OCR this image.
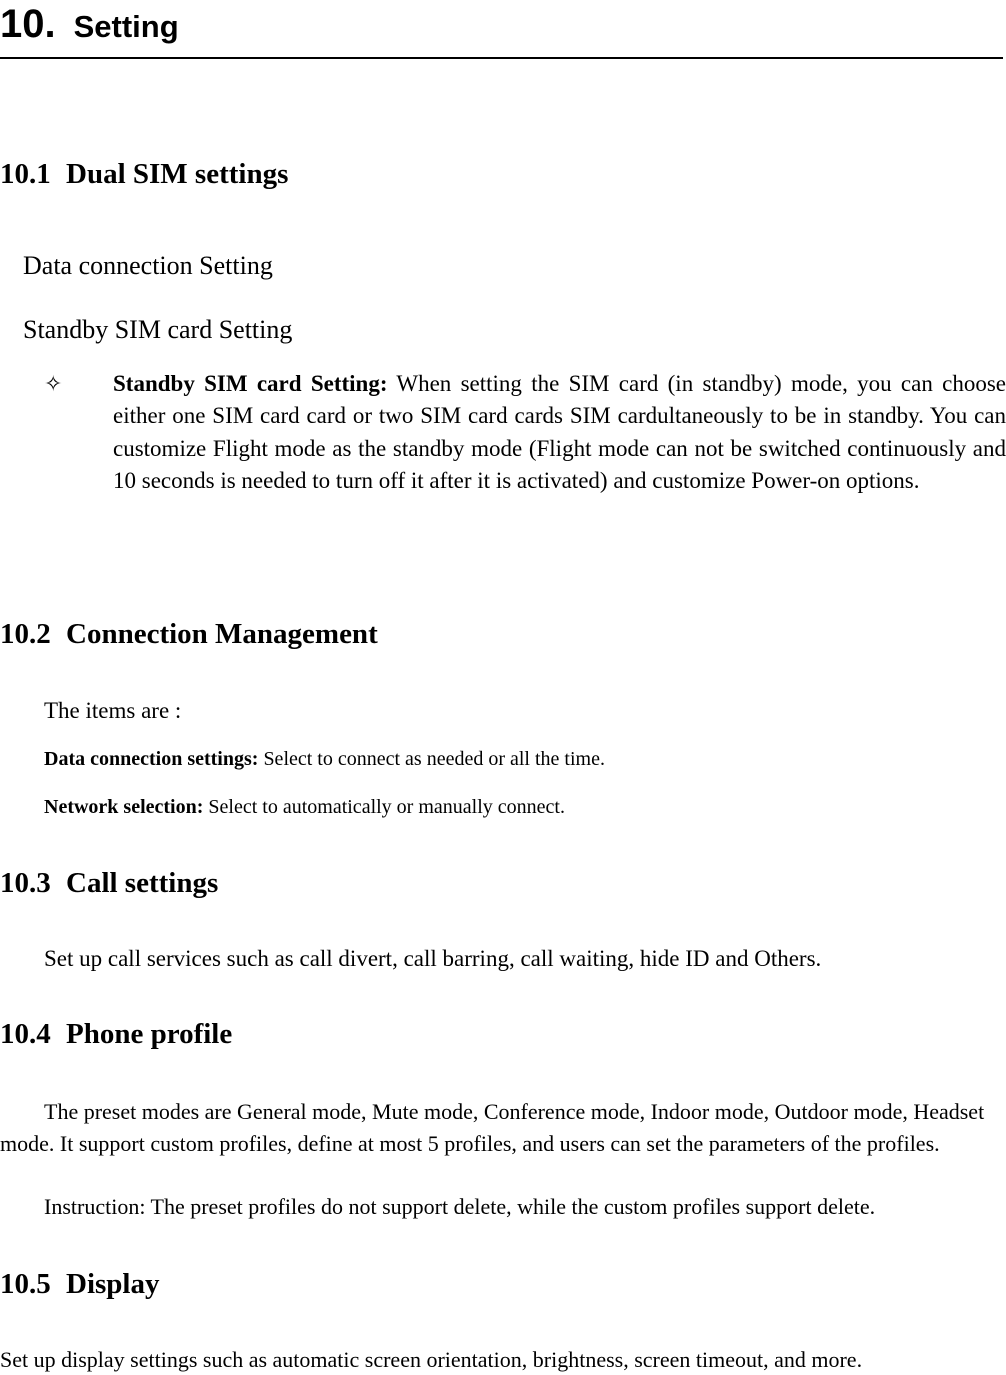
10. Setting
10.1 Dual SIM settings

Data connection Setting

Standby SIM card Setting

✧ Standby SIM card Setting: When setting the SIM card (in standby) mode, you can choose either one SIM card card or two SIM card cards SIM cardultaneously to be in standby. You can customize Flight mode as the standby mode (Flight mode can not be switched continuously and 10 seconds is needed to turn off it after it is activated) and customize Power-on options.

10.2 Connection Management

The items are :

Data connection settings: Select to connect as needed or all the time.

Network selection: Select to automatically or manually connect.

10.3 Call settings

Set up call services such as call divert, call barring, call waiting, hide ID and Others.

10.4 Phone profile

The preset modes are General mode, Mute mode, Conference mode, Indoor mode, Outdoor mode, Headset mode. It support custom profiles, define at most 5 profiles, and users can set the parameters of the profiles.

Instruction: The preset profiles do not support delete, while the custom profiles support delete.

10.5 Display

Set up display settings such as automatic screen orientation, brightness, screen timeout, and more.
